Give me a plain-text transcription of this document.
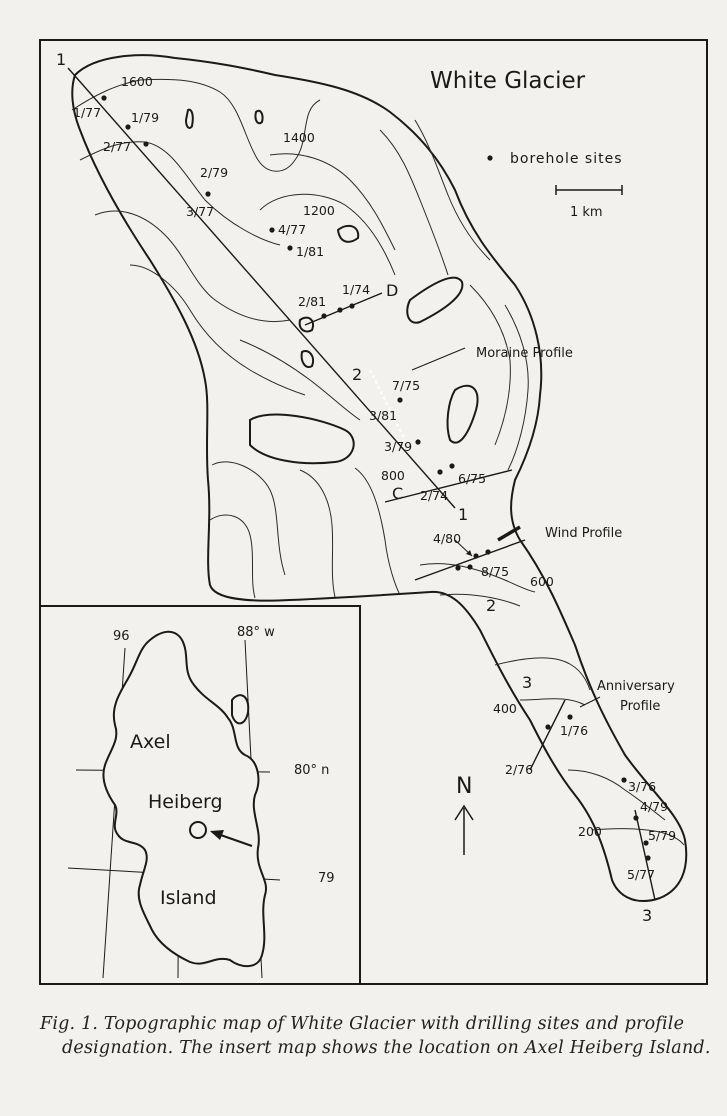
White Glacier
borehole sites
1 km
N
1600
1400
1200
800
600
400
200
Moraine Profile
Wind Profile
Anniversary
Profile
1
1
2
2
3
3
C
D
1/77 1/79
2/77
2/79
3/77
4/77
1/81
2/81
1/74
7/75
3/81
3/79
6/75
2/74
4/80
8/75
1/76
2/76
3/76
4/79
5/79
5/77
96	88° w
80° n
79
Axel
Heiberg
Island
Fig. 1. Topographic map of White Glacier with drilling sites and profile designation. The insert map shows the location on Axel Heiberg Island.
